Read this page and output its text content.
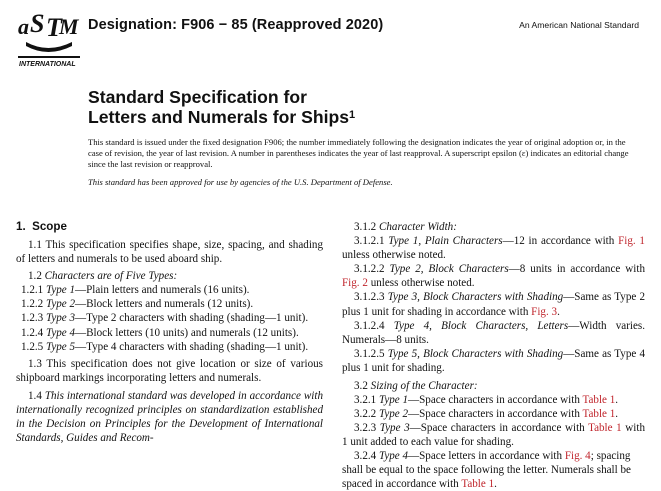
a S T
M
INTERNATIONAL
Designation: F906 − 85 (Reapproved 2020)	An American National Standard
Standard Specification for
Letters and Numerals for Ships$^1$
This standard is issued under the fixed designation F906; the number immediately following the designation indicates the year of original adoption or, in the case of revision, the year of last revision. A number in parentheses indicates the year of last reapproval. A superscript epsilon (ε) indicates an editorial change since the last revision or reapproval.
This standard has been approved for use by agencies of the U.S. Department of Defense.
1. Scope

1.1 This specification specifies shape, size, spacing, and shading of letters and numerals to be used aboard ship.

1.2 Characters are of Five Types:

1.2.1 Type 1—Plain letters and numerals (16 units).

1.2.2 Type 2—Block letters and numerals (12 units).

1.2.3 Type 3—Type 2 characters with shading (shading—1 unit).

1.2.4 Type 4—Block letters (10 units) and numerals (12 units).

1.2.5 Type 5—Type 4 characters with shading (shading—1 unit).

1.3 This specification does not give location or size of various shipboard markings incorporating letters and numerals.

1.4 This international standard was developed in accordance with internationally recognized principles on standardization established in the Decision on Principles for the Development of International Standards, Guides and Recom-

3.1.2 Character Width:

3.1.2.1 Type 1, Plain Characters—12 in accordance with Fig. 1 unless otherwise noted.

3.1.2.2 Type 2, Block Characters—8 units in accordance with Fig. 2 unless otherwise noted.

3.1.2.3 Type 3, Block Characters with Shading—Same as Type 2 plus 1 unit for shading in accordance with Fig. 3.

3.1.2.4 Type 4, Block Characters, Letters—Width varies. Numerals—8 units.

3.1.2.5 Type 5, Block Characters with Shading—Same as Type 4 plus 1 unit for shading.

3.2 Sizing of the Character:

3.2.1 Type 1—Space characters in accordance with Table 1.

3.2.2 Type 2—Space characters in accordance with Table 1.

3.2.3 Type 3—Space characters in accordance with Table 1 with 1 unit added to each value for shading.

3.2.4 Type 4—Space letters in accordance with Fig. 4; spacing shall be equal to the space following the letter. Numerals shall be spaced in accordance with Table 1.
